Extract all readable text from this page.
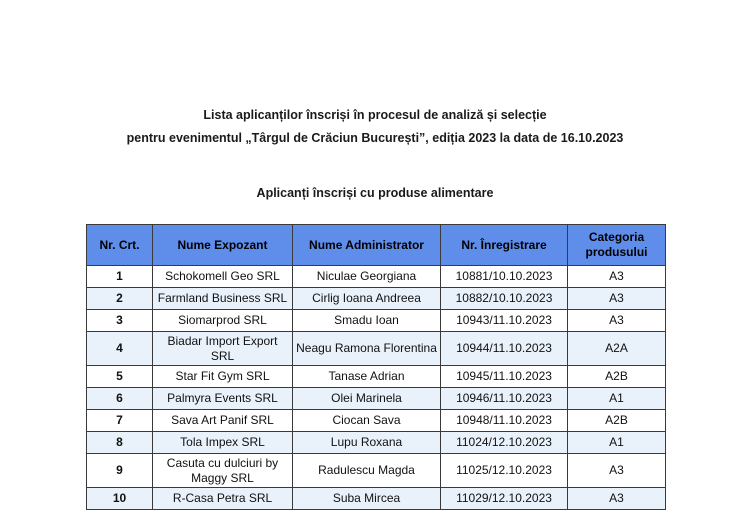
Lista aplicanților înscriși în procesul de analiză și selecție
pentru evenimentul „Târgul de Crăciun București”, ediția 2023 la data de 16.10.2023
Aplicanți înscriși cu produse alimentare
Nr. Crt.	Nume Expozant	Nume Administrator	Nr. Înregistrare	Categoria produsului
1	Schokomell Geo SRL	Niculae Georgiana	10881/10.10.2023	A3
2	Farmland Business SRL	Cirlig Ioana Andreea	10882/10.10.2023	A3
3	Siomarprod SRL	Smadu Ioan	10943/11.10.2023	A3
4	Biadar Import Export SRL	Neagu Ramona Florentina	10944/11.10.2023	A2A
5	Star Fit Gym SRL	Tanase Adrian	10945/11.10.2023	A2B
6	Palmyra Events SRL	Olei Marinela	10946/11.10.2023	A1
7	Sava Art Panif SRL	Ciocan Sava	10948/11.10.2023	A2B
8	Tola Impex SRL	Lupu Roxana	11024/12.10.2023	A1
9	Casuta cu dulciuri by Maggy SRL	Radulescu Magda	11025/12.10.2023	A3
10	R-Casa Petra SRL	Suba Mircea	11029/12.10.2023	A3
